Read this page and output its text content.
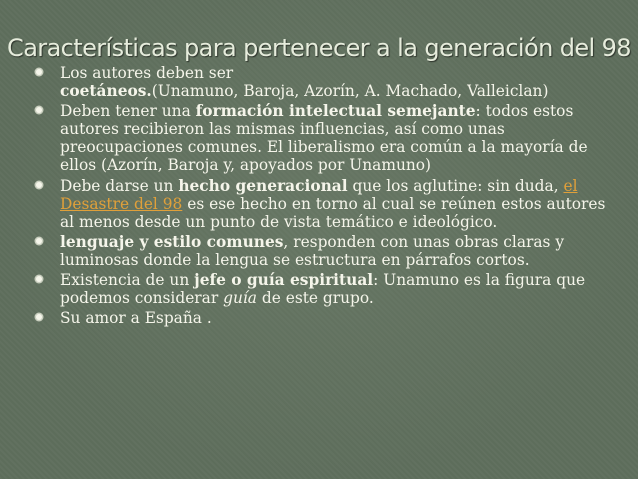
Características para pertenecer a la generación del 98
Los autores deben ser
coetáneos.(Unamuno, Baroja, Azorín, A. Machado, Valleiclan)
Deben tener una formación intelectual semejante: todos estos autores recibieron las mismas influencias, así como unas preocupaciones comunes. El liberalismo era común a la mayoría de ellos (Azorín, Baroja y, apoyados por Unamuno)
Debe darse un hecho generacional que los aglutine: sin duda, el Desastre del 98 es ese hecho en torno al cual se reúnen estos autores al menos desde un punto de vista temático e ideológico.
lenguaje y estilo comunes, responden con unas obras claras y luminosas donde la lengua se estructura en párrafos cortos.
Existencia de un jefe o guía espiritual: Unamuno es la figura que podemos considerar guía de este grupo.
Su amor a España .
